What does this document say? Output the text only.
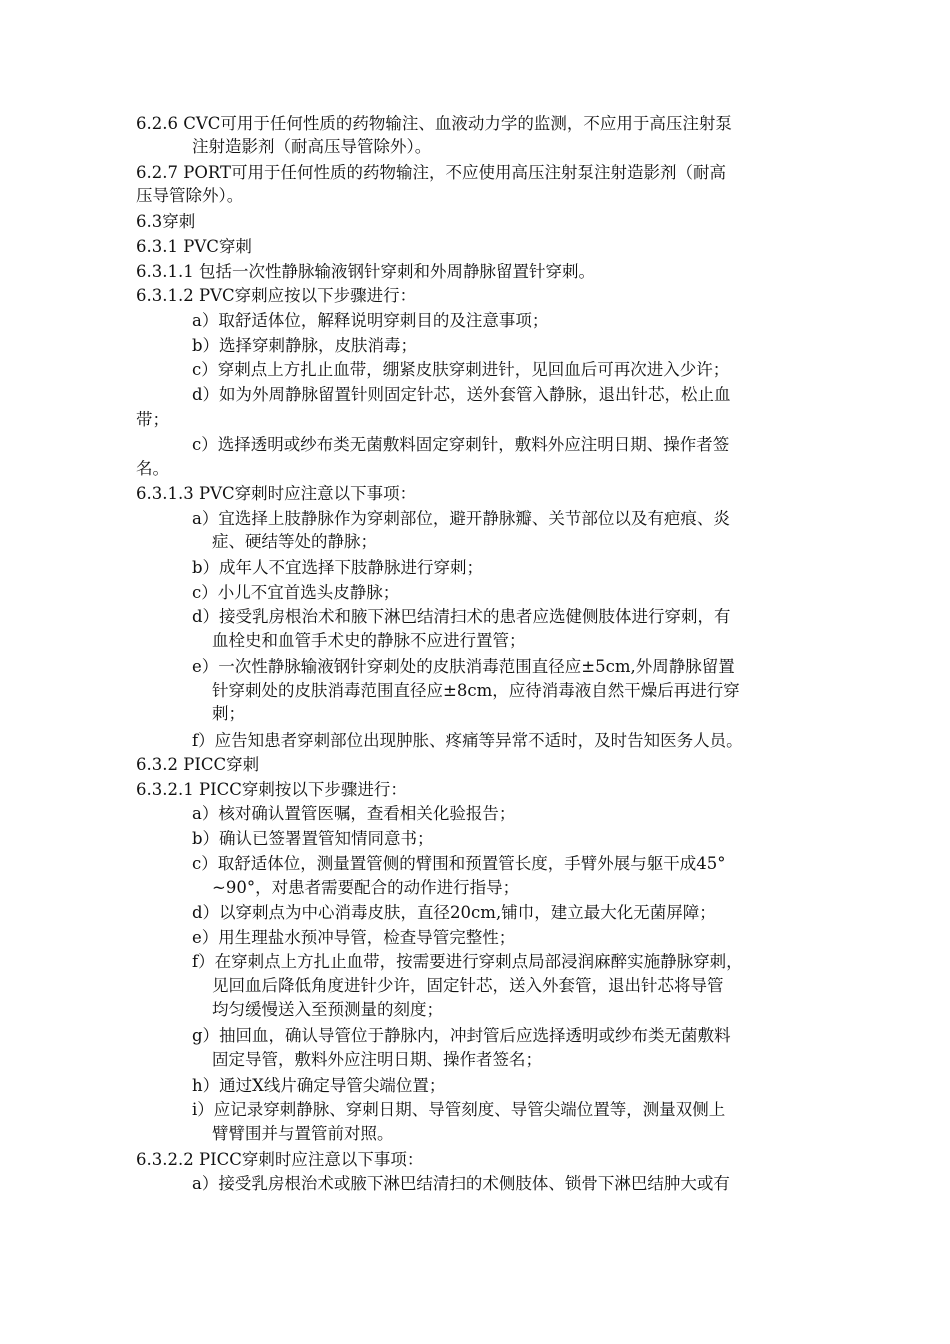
6.2.6 CVC可用于任何性质的药物输注、血液动力学的监测，不应用于高压注射泵
注射造影剂（耐高压导管除外）。
6.2.7 PORT可用于任何性质的药物输注，不应使用高压注射泵注射造影剂（耐高
压导管除外）。
6.3穿刺
6.3.1 PVC穿刺
6.3.1.1 包括一次性静脉输液钢针穿刺和外周静脉留置针穿刺。
6.3.1.2 PVC穿刺应按以下步骤进行：
a）取舒适体位，解释说明穿刺目的及注意事项；
b）选择穿刺静脉，皮肤消毒；
c）穿刺点上方扎止血带，绷紧皮肤穿刺进针，见回血后可再次进入少许；
d）如为外周静脉留置针则固定针芯，送外套管入静脉，退出针芯，松止血
带；
c）选择透明或纱布类无菌敷料固定穿刺针，敷料外应注明日期、操作者签
名。
6.3.1.3 PVC穿刺时应注意以下事项：
a）宜选择上肢静脉作为穿刺部位，避开静脉瓣、关节部位以及有疤痕、炎
症、硬结等处的静脉；
b）成年人不宜选择下肢静脉进行穿刺；
c）小儿不宜首选头皮静脉；
d）接受乳房根治术和腋下淋巴结清扫术的患者应选健侧肢体进行穿刺，有
血栓史和血管手术史的静脉不应进行置管；
e）一次性静脉输液钢针穿刺处的皮肤消毒范围直径应±5cm,外周静脉留置
针穿刺处的皮肤消毒范围直径应±8cm，应待消毒液自然干燥后再进行穿
刺；
f）应告知患者穿刺部位出现肿胀、疼痛等异常不适时，及时告知医务人员。
6.3.2 PICC穿刺
6.3.2.1 PICC穿刺按以下步骤进行：
a）核对确认置管医嘱，查看相关化验报告；
b）确认已签署置管知情同意书；
c）取舒适体位，测量置管侧的臂围和预置管长度，手臂外展与躯干成45°
~90°，对患者需要配合的动作进行指导；
d）以穿刺点为中心消毒皮肤，直径20cm,铺巾，建立最大化无菌屏障；
e）用生理盐水预冲导管，检查导管完整性；
f）在穿刺点上方扎止血带，按需要进行穿刺点局部浸润麻醉实施静脉穿刺，
见回血后降低角度进针少许，固定针芯，送入外套管，退出针芯将导管
均匀缓慢送入至预测量的刻度；
g）抽回血，确认导管位于静脉内，冲封管后应选择透明或纱布类无菌敷料
固定导管，敷料外应注明日期、操作者签名；
h）通过X线片确定导管尖端位置；
i）应记录穿刺静脉、穿刺日期、导管刻度、导管尖端位置等，测量双侧上
臂臂围并与置管前对照。
6.3.2.2 PICC穿刺时应注意以下事项：
a）接受乳房根治术或腋下淋巴结清扫的术侧肢体、锁骨下淋巴结肿大或有
